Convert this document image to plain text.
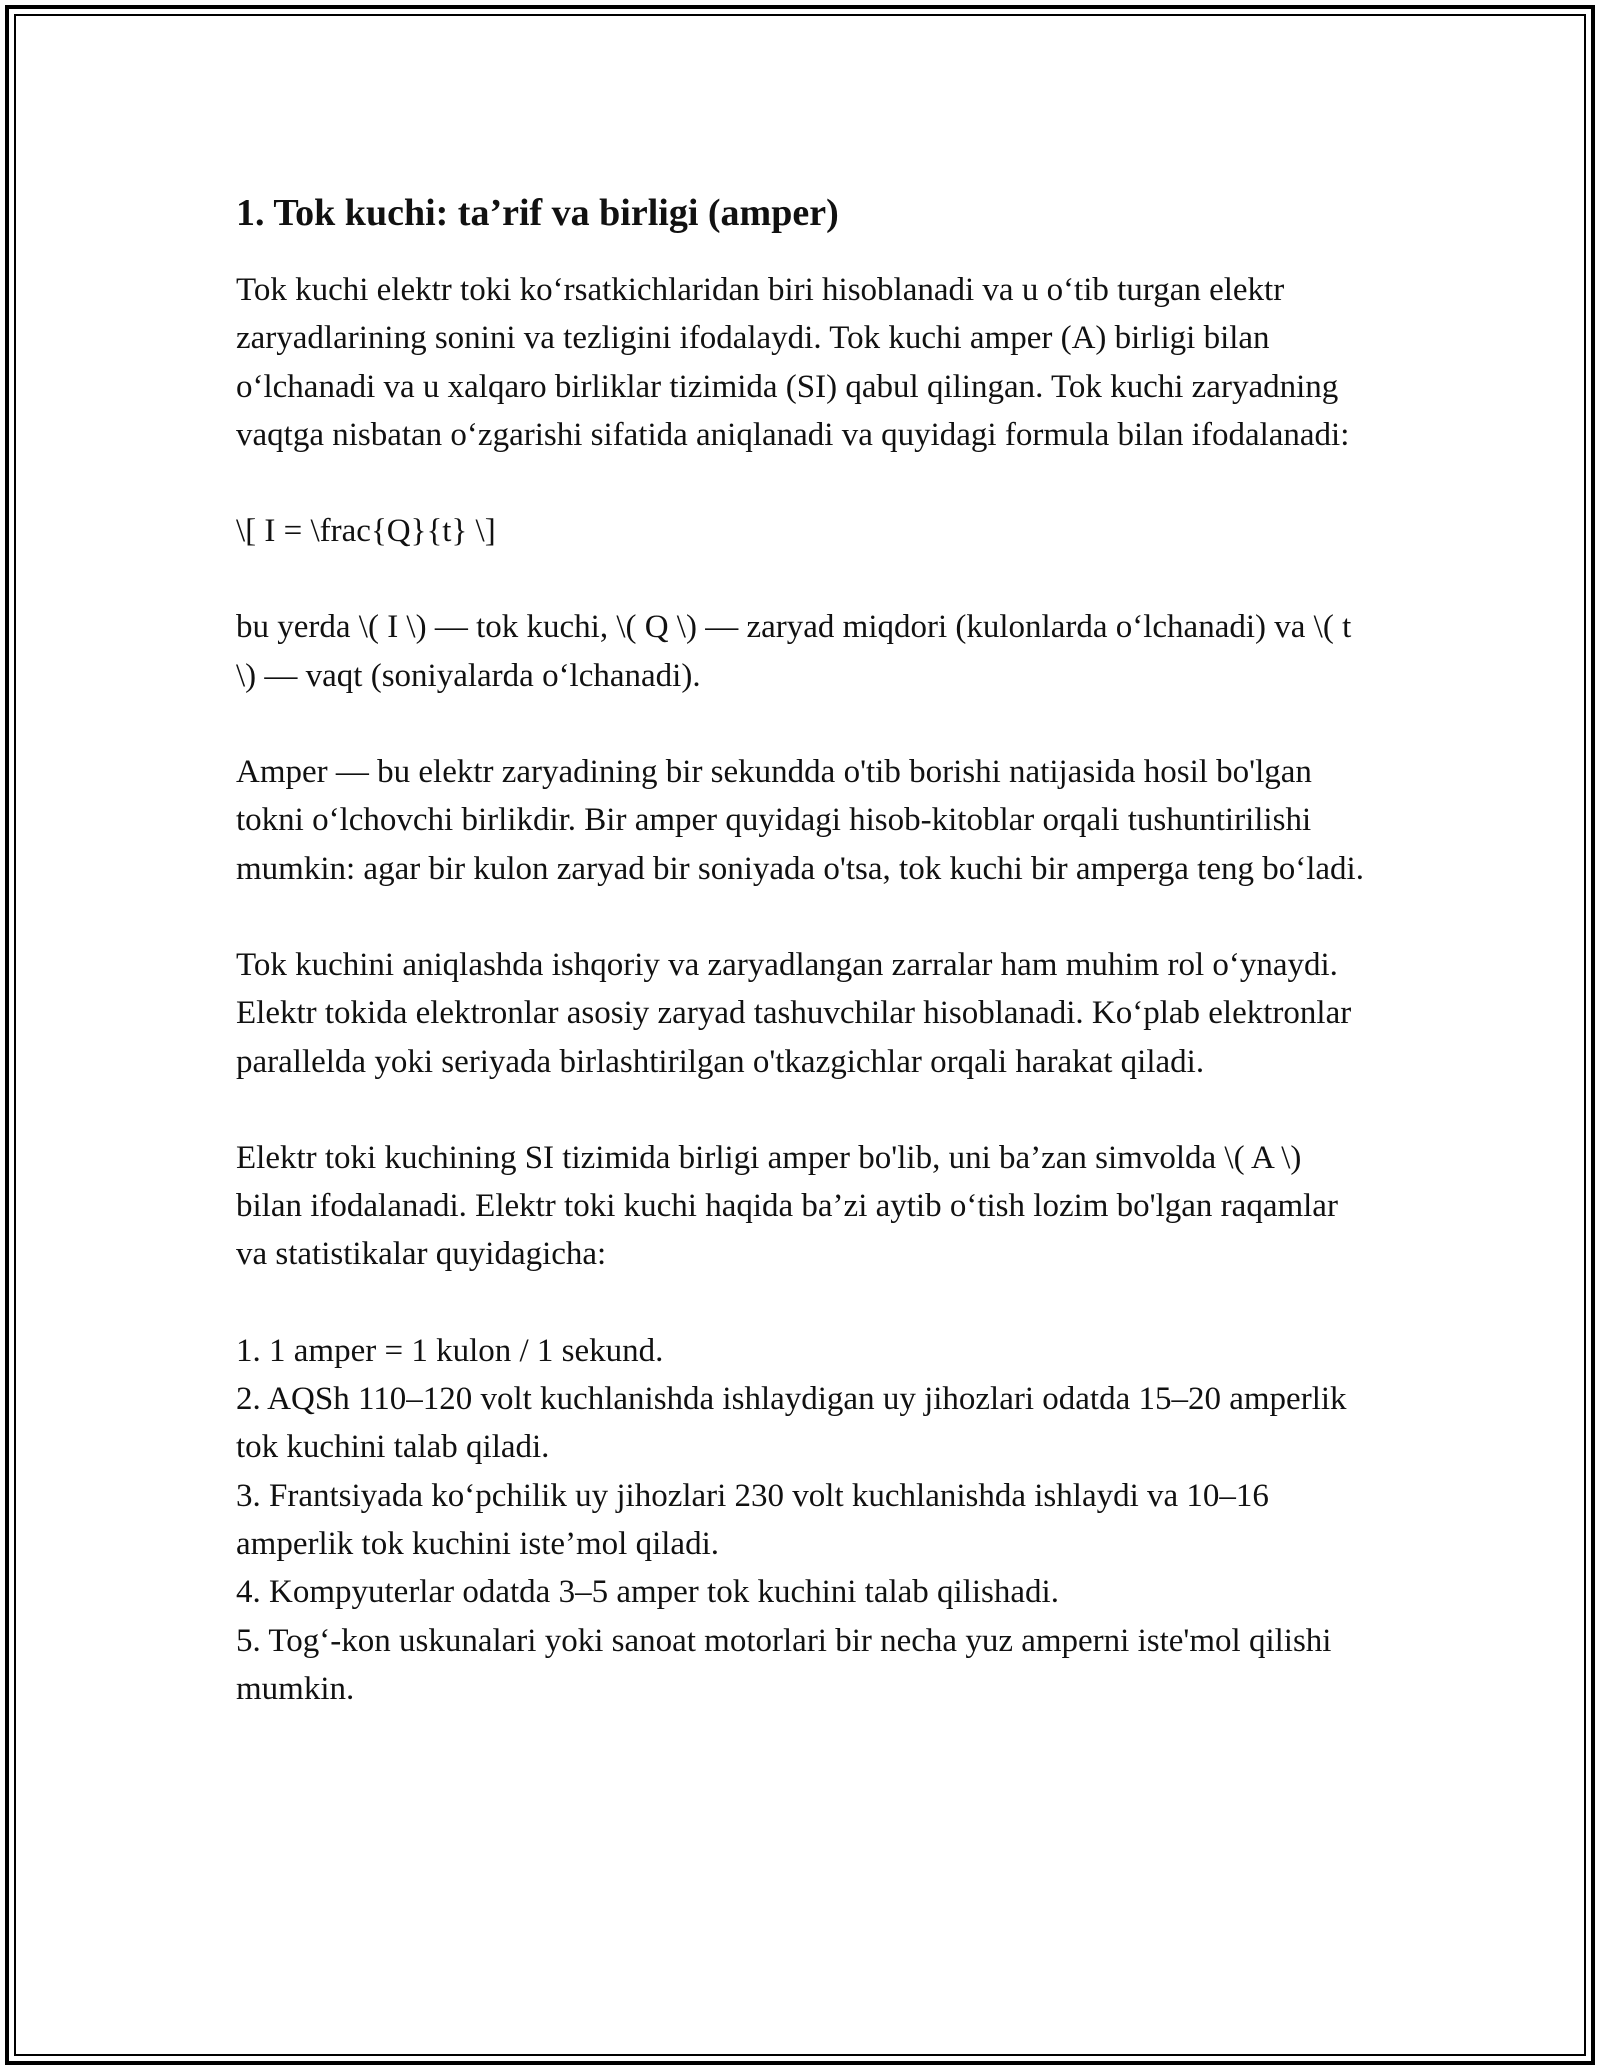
1. Tok kuchi: ta’rif va birligi (amper)

Tok kuchi elektr toki ko‘rsatkichlaridan biri hisoblanadi va u o‘tib turgan elektr zaryadlarining sonini va tezligini ifodalaydi. Tok kuchi amper (A) birligi bilan o‘lchanadi va u xalqaro birliklar tizimida (SI) qabul qilingan. Tok kuchi zaryadning vaqtga nisbatan o‘zgarishi sifatida aniqlanadi va quyidagi formula bilan ifodalanadi:

\[ I = \frac{Q}{t} \]

bu yerda \( I \) — tok kuchi, \( Q \) — zaryad miqdori (kulonlarda o‘lchanadi) va \( t \) — vaqt (soniyalarda o‘lchanadi).

Amper — bu elektr zaryadining bir sekundda o'tib borishi natijasida hosil bo'lgan tokni o‘lchovchi birlikdir. Bir amper quyidagi hisob-kitoblar orqali tushuntirilishi mumkin: agar bir kulon zaryad bir soniyada o'tsa, tok kuchi bir amperga teng bo‘ladi.

Tok kuchini aniqlashda ishqoriy va zaryadlangan zarralar ham muhim rol o‘ynaydi. Elektr tokida elektronlar asosiy zaryad tashuvchilar hisoblanadi. Ko‘plab elektronlar parallelda yoki seriyada birlashtirilgan o'tkazgichlar orqali harakat qiladi.

Elektr toki kuchining SI tizimida birligi amper bo'lib, uni ba’zan simvolda \( A \) bilan ifodalanadi. Elektr toki kuchi haqida ba’zi aytib o‘tish lozim bo'lgan raqamlar va statistikalar quyidagicha:

1. 1 amper = 1 kulon / 1 sekund.

2. AQSh 110–120 volt kuchlanishda ishlaydigan uy jihozlari odatda 15–20 amperlik tok kuchini talab qiladi.

3. Frantsiyada ko‘pchilik uy jihozlari 230 volt kuchlanishda ishlaydi va 10–16 amperlik tok kuchini iste’mol qiladi.

4. Kompyuterlar odatda 3–5 amper tok kuchini talab qilishadi.

5. Tog‘-kon uskunalari yoki sanoat motorlari bir necha yuz amperni iste'mol qilishi mumkin.
